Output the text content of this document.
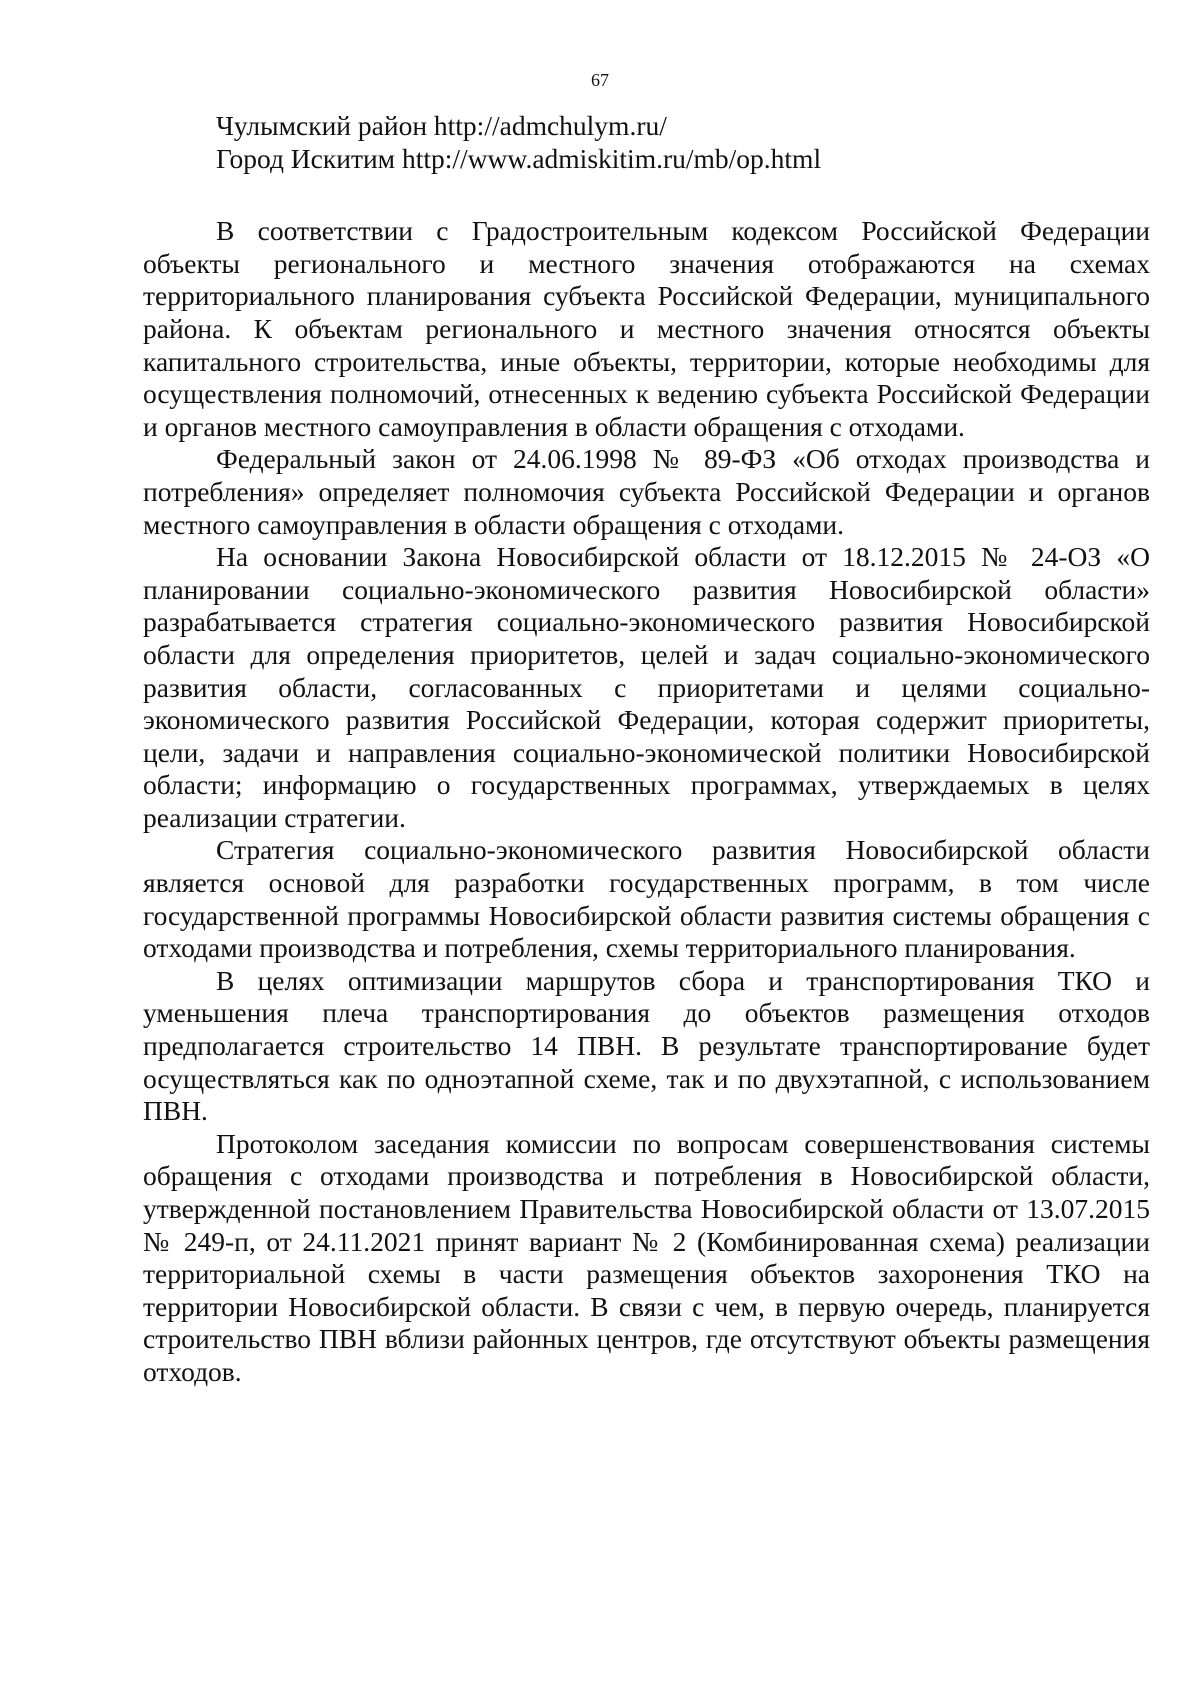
67

Чулымский район http://admchulym.ru/

Город Искитим http://www.admiskitim.ru/mb/op.html

В соответствии с Градостроительным кодексом Российской Федерации объекты регионального и местного значения отображаются на схемах территориального планирования субъекта Российской Федерации, муниципального района. К объектам регионального и местного значения относятся объекты капитального строительства, иные объекты, территории, которые необходимы для осуществления полномочий, отнесенных к ведению субъекта Российской Федерации и органов местного самоуправления в области обращения с отходами.

Федеральный закон от 24.06.1998 № 89-ФЗ «Об отходах производства и потребления» определяет полномочия субъекта Российской Федерации и органов местного самоуправления в области обращения с отходами.

На основании Закона Новосибирской области от 18.12.2015 № 24-ОЗ «О планировании социально-экономического развития Новосибирской области» разрабатывается стратегия социально-экономического развития Новосибирской области для определения приоритетов, целей и задач социально-экономического развития области, согласованных с приоритетами и целями социально-экономического развития Российской Федерации, которая содержит приоритеты, цели, задачи и направления социально-экономической политики Новосибирской области; информацию о государственных программах, утверждаемых в целях реализации стратегии.

Стратегия социально-экономического развития Новосибирской области является основой для разработки государственных программ, в том числе государственной программы Новосибирской области развития системы обращения с отходами производства и потребления, схемы территориального планирования.

В целях оптимизации маршрутов сбора и транспортирования ТКО и уменьшения плеча транспортирования до объектов размещения отходов предполагается строительство 14 ПВН. В результате транспортирование будет осуществляться как по одноэтапной схеме, так и по двухэтапной, с использованием ПВН.

Протоколом заседания комиссии по вопросам совершенствования системы обращения с отходами производства и потребления в Новосибирской области, утвержденной постановлением Правительства Новосибирской области от 13.07.2015 № 249-п, от 24.11.2021 принят вариант № 2 (Комбинированная схема) реализации территориальной схемы в части размещения объектов захоронения ТКО на территории Новосибирской области. В связи с чем, в первую очередь, планируется строительство ПВН вблизи районных центров, где отсутствуют объекты размещения отходов.
